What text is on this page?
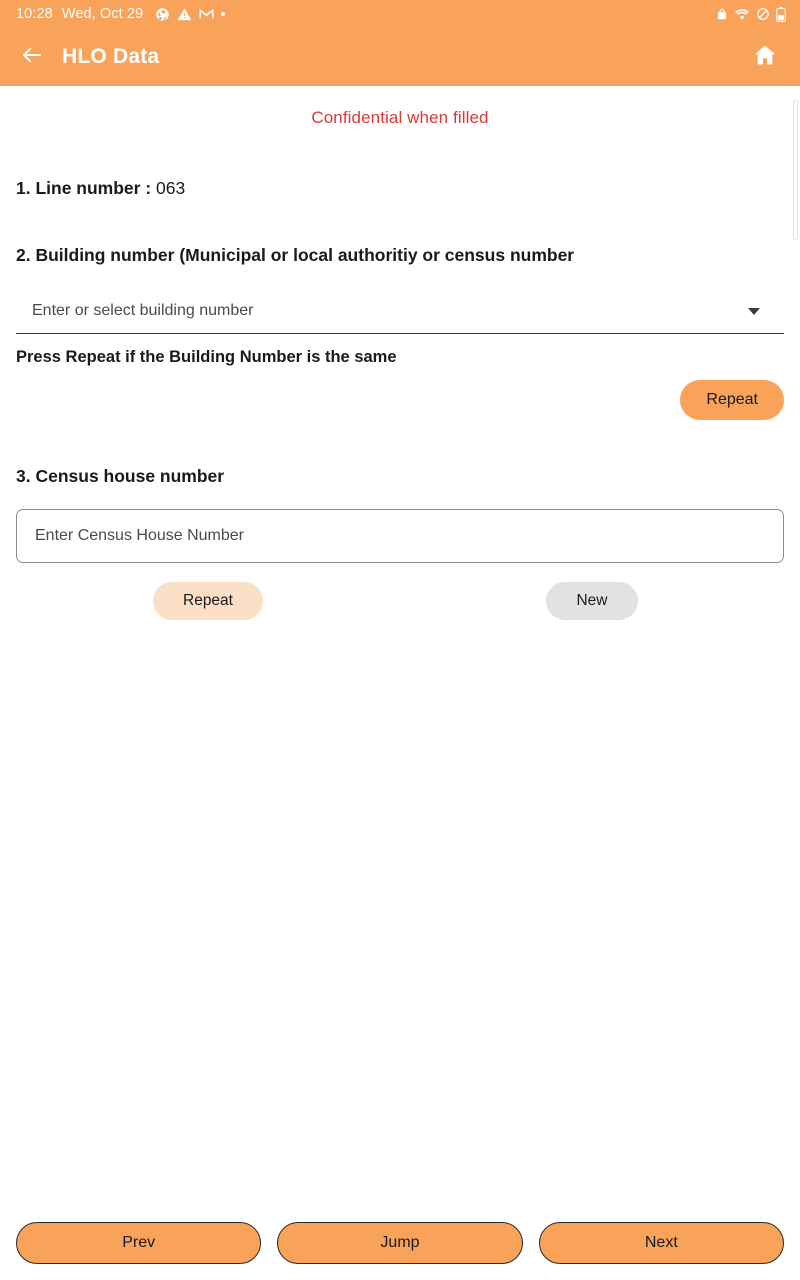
10:28 Wed, Oct 29
HLO Data
Confidential when filled
1. Line number : 063
2. Building number (Municipal or local authoritiy or census number
Enter or select building number
Press Repeat if the Building Number is the same
Repeat
3. Census house number
Enter Census House Number
Repeat	New
Prev	Jump	Next
